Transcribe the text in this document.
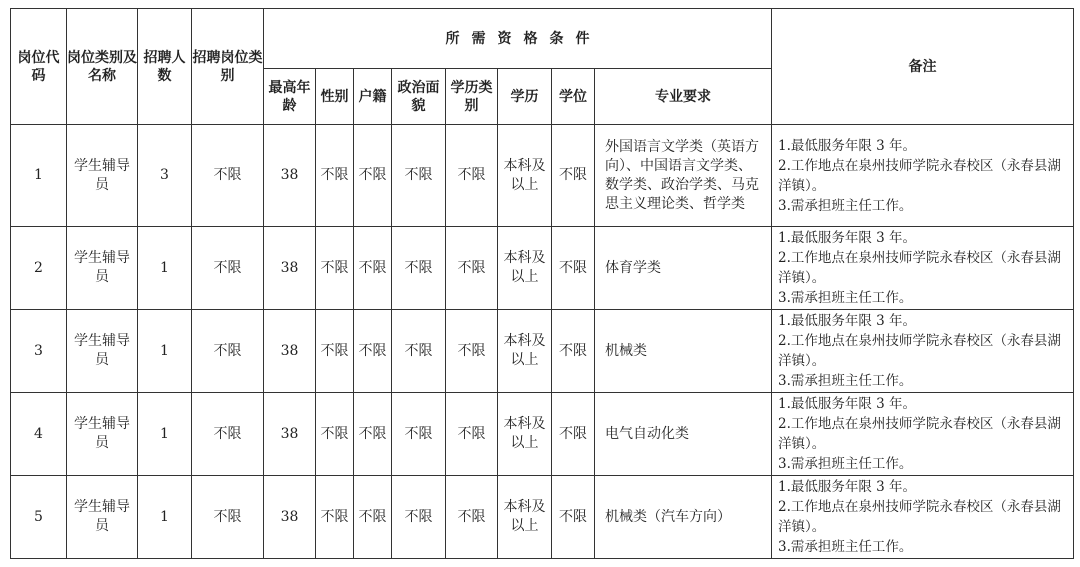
岗位代码	岗位类别及名称	招聘人数	招聘岗位类别	所需资格条件								备注
				最高年龄	性别	户籍	政治面貌	学历类别	学历	学位	专业要求	
1	学生辅导员	3	不限	38	不限	不限	不限	不限	本科及以上	不限	外国语言文学类（英语方向）、中国语言文学类、数学类、政治学类、马克思主义理论类、哲学类	1.最低服务年限 3 年。
2.工作地点在泉州技师学院永春校区（永春县湖洋镇）。
3.需承担班主任工作。

2	学生辅导员	1	不限	38	不限	不限	不限	不限	本科及以上	不限	体育学类	1.最低服务年限 3 年。
2.工作地点在泉州技师学院永春校区（永春县湖洋镇）。
3.需承担班主任工作。

3	学生辅导员	1	不限	38	不限	不限	不限	不限	本科及以上	不限	机械类	1.最低服务年限 3 年。
2.工作地点在泉州技师学院永春校区（永春县湖洋镇）。
3.需承担班主任工作。

4	学生辅导员	1	不限	38	不限	不限	不限	不限	本科及以上	不限	电气自动化类	1.最低服务年限 3 年。
2.工作地点在泉州技师学院永春校区（永春县湖洋镇）。
3.需承担班主任工作。

5	学生辅导员	1	不限	38	不限	不限	不限	不限	本科及以上	不限	机械类（汽车方向）	1.最低服务年限 3 年。
2.工作地点在泉州技师学院永春校区（永春县湖洋镇）。
3.需承担班主任工作。
